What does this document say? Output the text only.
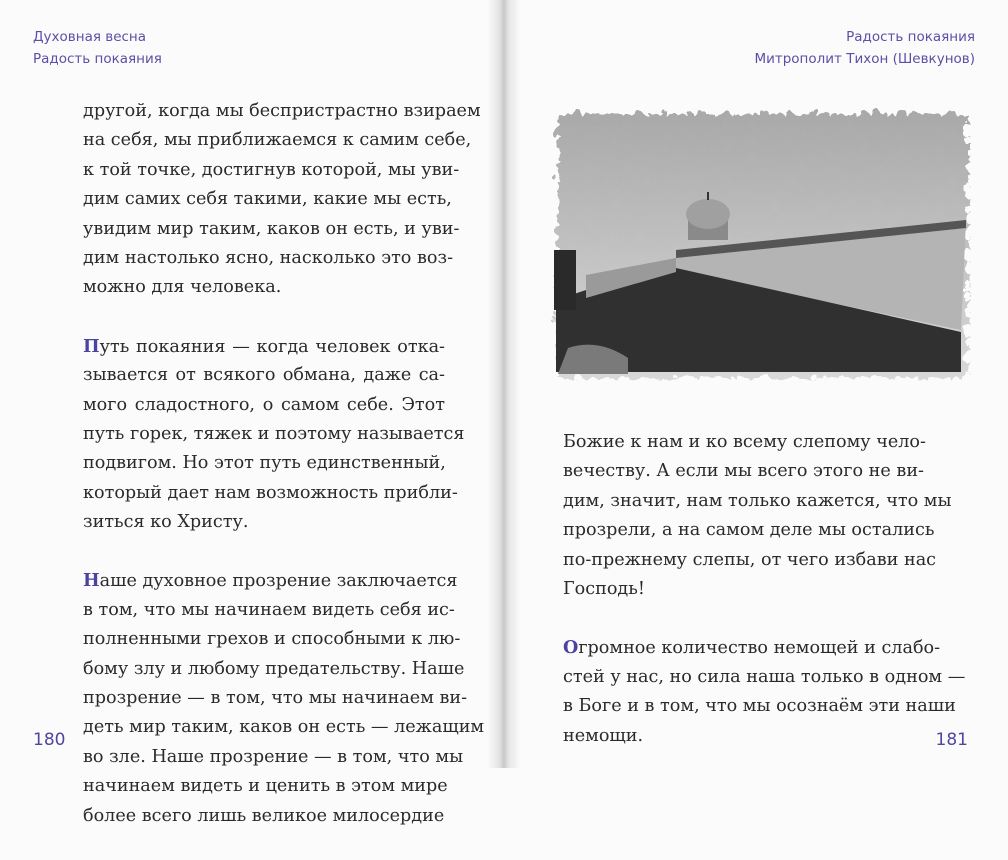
Духовная весна
Радость покаяния
Радость покаяния
Митрополит Тихон (Шевкунов)
другой, когда мы беспристрастно взираем
на себя, мы приближаемся к самим себе,
к той точке, достигнув которой, мы уви-
дим самих себя такими, какие мы есть,
увидим мир таким, каков он есть, и уви-
дим настолько ясно, насколько это воз-
можно для человека.
Путь покаяния — когда человек отка-
зывается от всякого обмана, даже са-
мого сладостного, о самом себе. Этот
путь горек, тяжек и поэтому называется
подвигом. Но этот путь единственный,
который дает нам возможность прибли-
зиться ко Христу.
Наше духовное прозрение заключается
в том, что мы начинаем видеть себя ис-
полненными грехов и способными к лю-
бому злу и любому предательству. Наше
прозрение — в том, что мы начинаем ви-
деть мир таким, каков он есть — лежащим
во зле. Наше прозрение — в том, что мы
начинаем видеть и ценить в этом мире
более всего лишь великое милосердие
Божие к нам и ко всему слепому чело-
вечеству. А если мы всего этого не ви-
дим, значит, нам только кажется, что мы
прозрели, а на самом деле мы остались
по-прежнему слепы, от чего избави нас
Господь!
Огромное количество немощей и слабо-
стей у нас, но сила наша только в одном —
в Боге и в том, что мы осознаём эти наши
немощи.
180	181
